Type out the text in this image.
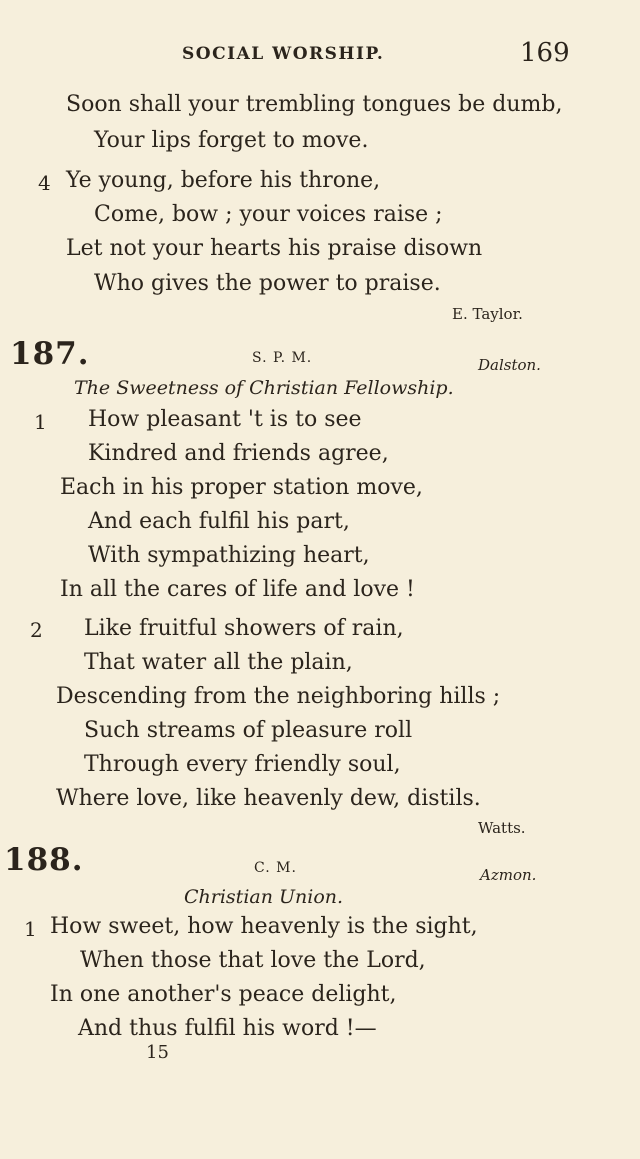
SOCIAL WORSHIP.	169
Soon shall your trembling tongues be dumb,
Your lips forget to move.
4 Ye young, before his throne,
Come, bow ; your voices raise ;
Let not your hearts his praise disown
Who gives the power to praise.
E. Taylor.
187.	S. P. M.	Dalston.
The Sweetness of Christian Fellowship.
1 How pleasant 't is to see
Kindred and friends agree,
Each in his proper station move,
And each fulfil his part,
With sympathizing heart,
In all the cares of life and love !
2 Like fruitful showers of rain,
That water all the plain,
Descending from the neighboring hills ;
Such streams of pleasure roll
Through every friendly soul,
Where love, like heavenly dew, distils.
Watts.
188.	C. M.	Azmon.
Christian Union.
1 How sweet, how heavenly is the sight,
When those that love the Lord,
In one another's peace delight,
And thus fulfil his word !—
15
